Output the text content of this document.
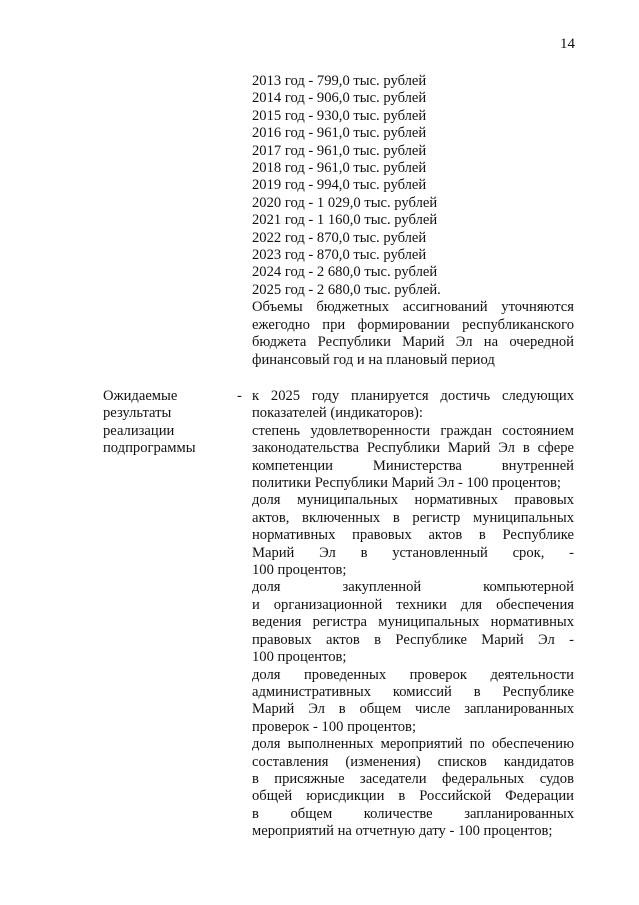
14
2013 год - 799,0 тыс. рублей
2014 год - 906,0 тыс. рублей
2015 год - 930,0 тыс. рублей
2016 год - 961,0 тыс. рублей
2017 год - 961,0 тыс. рублей
2018 год - 961,0 тыс. рублей
2019 год - 994,0 тыс. рублей
2020 год - 1 029,0 тыс. рублей
2021 год - 1 160,0 тыс. рублей
2022 год - 870,0 тыс. рублей
2023 год - 870,0 тыс. рублей
2024 год - 2 680,0 тыс. рублей
2025 год - 2 680,0 тыс. рублей.
Объемы бюджетных ассигнований уточняются
ежегодно при формировании республиканского
бюджета Республики Марий Эл на очередной
финансовый год и на плановый период
Ожидаемые
результаты
реализации
подпрограммы
- к 2025 году планируется достичь следующих
показателей (индикаторов):
степень удовлетворенности граждан состоянием
законодательства Республики Марий Эл в сфере
компетенции Министерства внутренней
политики Республики Марий Эл - 100 процентов;
доля муниципальных нормативных правовых
актов, включенных в регистр муниципальных
нормативных правовых актов в Республике
Марий Эл в установленный срок, -
100 процентов;
доля закупленной компьютерной
и организационной техники для обеспечения
ведения регистра муниципальных нормативных
правовых актов в Республике Марий Эл -
100 процентов;
доля проведенных проверок деятельности
административных комиссий в Республике
Марий Эл в общем числе запланированных
проверок - 100 процентов;
доля выполненных мероприятий по обеспечению
составления (изменения) списков кандидатов
в присяжные заседатели федеральных судов
общей юрисдикции в Российской Федерации
в общем количестве запланированных
мероприятий на отчетную дату - 100 процентов;
